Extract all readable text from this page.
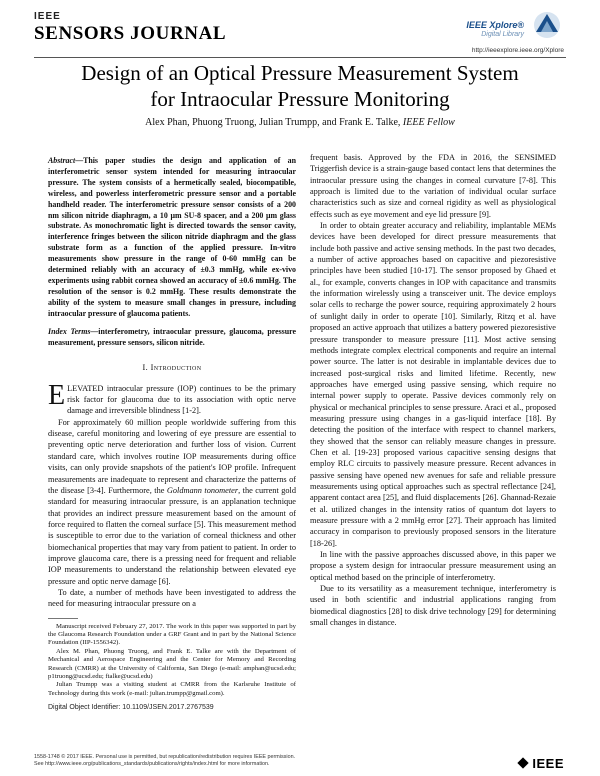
IEEE
SENSORS JOURNAL	IEEE Xplore®
Digital Library
http://ieeexplore.ieee.org/Xplore
Design of an Optical Pressure Measurement System
for Intraocular Pressure Monitoring
Alex Phan, Phuong Truong, Julian Trumpp, and Frank E. Talke, IEEE Fellow

Abstract—This paper studies the design and application of an interferometric sensor system intended for measuring intraocular pressure. The system consists of a hermetically sealed, biocompatible, wireless, and powerless interferometric pressure sensor and a portable handheld reader. The interferometric pressure sensor consists of a 200 nm silicon nitride diaphragm, a 10 μm SU-8 spacer, and a 200 μm glass substrate. As monochromatic light is directed towards the sensor cavity, interference fringes between the silicon nitride diaphragm and the glass substrate form as a function of the applied pressure. In-vitro measurements show pressure in the range of 0-60 mmHg can be determined reliably with an accuracy of ±0.3 mmHg, while ex-vivo experiments using rabbit cornea showed an accuracy of ±0.6 mmHg. The resolution of the sensor is 0.2 mmHg. These results demonstrate the ability of the system to measure small changes in pressure, including intraocular pressure of glaucoma patients.

Index Terms—interferometry, intraocular pressure, glaucoma, pressure measurement, pressure sensors, silicon nitride.

I. Introduction

ELEVATED intraocular pressure (IOP) continues to be the primary risk factor for glaucoma due to its association with optic nerve damage and irreversible blindness [1-2].

For approximately 60 million people worldwide suffering from this disease, careful monitoring and lowering of eye pressure are essential to preventing optic nerve deterioration and further loss of vision. Current standard care, which involves routine IOP measurements during office visits, can only provide snapshots of the patient's IOP profile. Infrequent measurements are inadequate to represent and characterize the patterns of the disease [3-4]. Furthermore, the Goldmann tonometer, the current gold standard for measuring intraocular pressure, is an applanation technique that provides an indirect pressure measurement based on the amount of force required to flatten the corneal surface [5]. This measurement method is susceptible to error due to the variation of corneal thickness and other biomechanical properties that may vary from patient to patient. In order to improve glaucoma care, there is a pressing need for frequent and reliable IOP measurements to understand the relationship between elevated eye pressure and optic nerve damage [6].

To date, a number of methods have been investigated to address the need for measuring intraocular pressure on a

Manuscript received February 27, 2017. The work in this paper was supported in part by the Glaucoma Research Foundation under a GRF Grant and in part by the National Science Foundation (IIP-1556342).

Alex M. Phan, Phuong Truong, and Frank E. Talke are with the Department of Mechanical and Aerospace Engineering and the Center for Memory and Recording Research (CMRR) at the University of California, San Diego (e-mail: amphan@ucsd.edu; p1truong@ucsd.edu; ftalke@ucsd.edu)

Julian Trumpp was a visiting student at CMRR from the Karlsruhe Institute of Technology during this work (e-mail: julian.trumpp@gmail.com).

Digital Object Identifier: 10.1109/JSEN.2017.2767539

frequent basis. Approved by the FDA in 2016, the SENSIMED Triggerfish device is a strain-gauge based contact lens that determines the intraocular pressure using the changes in corneal curvature [7-8]. This approach is limited due to the variation of individual ocular surface characteristics such as size and corneal rigidity as well as physiological effects such as eye movement and eye lid pressure [9].

In order to obtain greater accuracy and reliability, implantable MEMs devices have been developed for direct pressure measurements that include both passive and active sensing methods. In the past two decades, a number of active approaches based on capacitive and piezoresistive principles have been studied [10-17]. The sensor proposed by Ghaed et al., for example, converts changes in IOP with capacitance and transmits the information wirelessly using a transceiver unit. The device employs solar cells to recharge the power source, requiring approximately 2 hours of sunlight daily in order to operate [10]. Similarly, Ritzq et al. have proposed an active approach that utilizes a battery powered piezoresistive pressure transponder to measure pressure [11]. Most active sensing methods integrate complex electrical components and require an internal power source. The latter is not desirable in implantable devices due to increased post-surgical risks and limited lifetime. Recently, new approaches have emerged using passive sensing, which require no internal power supply to operate. Passive devices commonly rely on physical or mechanical principles to sense pressure. Araci et al., proposed measuring pressure using changes in a gas-liquid interface [18]. By detecting the position of the interface with respect to channel markers, they showed that the sensor can reliably measure changes in pressure. Chen et al. [19-23] proposed various capacitive sensing designs that employ RLC circuits to passively measure pressure. Recent advances in passive sensing have opened new avenues for safe and reliable pressure measurements using optical approaches such as spectral reflectance [24], apparent contact area [25], and fluid displacements [26]. Ghannad-Rezaie et al. utilized changes in the intensity ratios of quantum dot layers to measure pressure with a 2 mmHg error [27]. Their approach has limited accuracy in comparison to previously proposed sensors in the literature [18-26].

In line with the passive approaches discussed above, in this paper we propose a system design for intraocular pressure measurement using an optical method based on the principle of interferometry.

Due to its versatility as a measurement technique, interferometry is used in both scientific and industrial applications ranging from biomedical diagnostics [28] to disk drive technology [29] for determining small changes in distance.

1558-1748 © 2017 IEEE. Personal use is permitted, but republication/redistribution requires IEEE permission.
See http://www.ieee.org/publications_standards/publications/rights/index.html for more information.	IEEE
